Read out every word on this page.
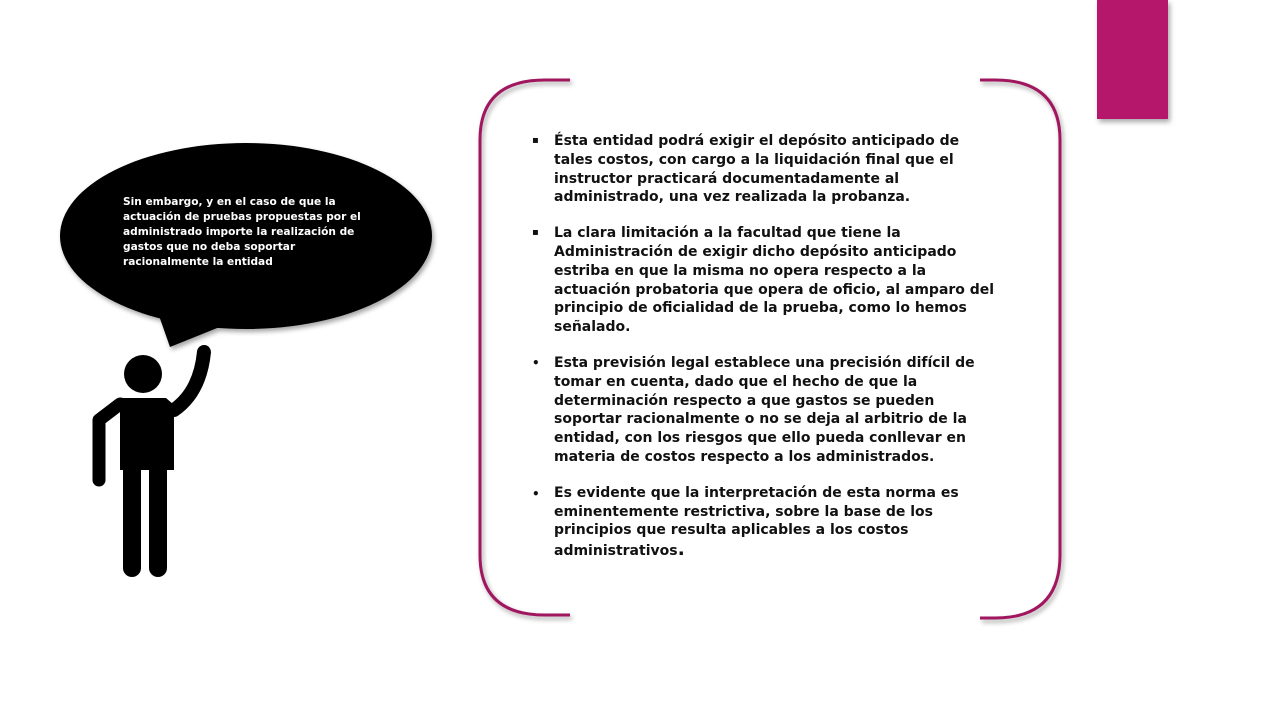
Sin embargo, y en el caso de que la actuación de pruebas propuestas por el administrado importe la realización de gastos que no deba soportar racionalmente la entidad
▪	Ésta entidad podrá exigir el depósito anticipado de tales costos, con cargo a la liquidación final que el instructor practicará documentadamente al administrado, una vez realizada la probanza.
▪	La clara limitación a la facultad que tiene la Administración de exigir dicho depósito anticipado estriba en que la misma no opera respecto a la actuación probatoria que opera de oficio, al amparo del principio de oficialidad de la prueba, como lo hemos señalado.
•	Esta previsión legal establece una precisión difícil de tomar en cuenta, dado que el hecho de que la determinación respecto a que gastos se pueden soportar racionalmente o no se deja al arbitrio de la entidad, con los riesgos que ello pueda conllevar en materia de costos respecto a los administrados.
•	Es evidente que la interpretación de esta norma es eminentemente restrictiva, sobre la base de los principios que resulta aplicables a los costos administrativos.
